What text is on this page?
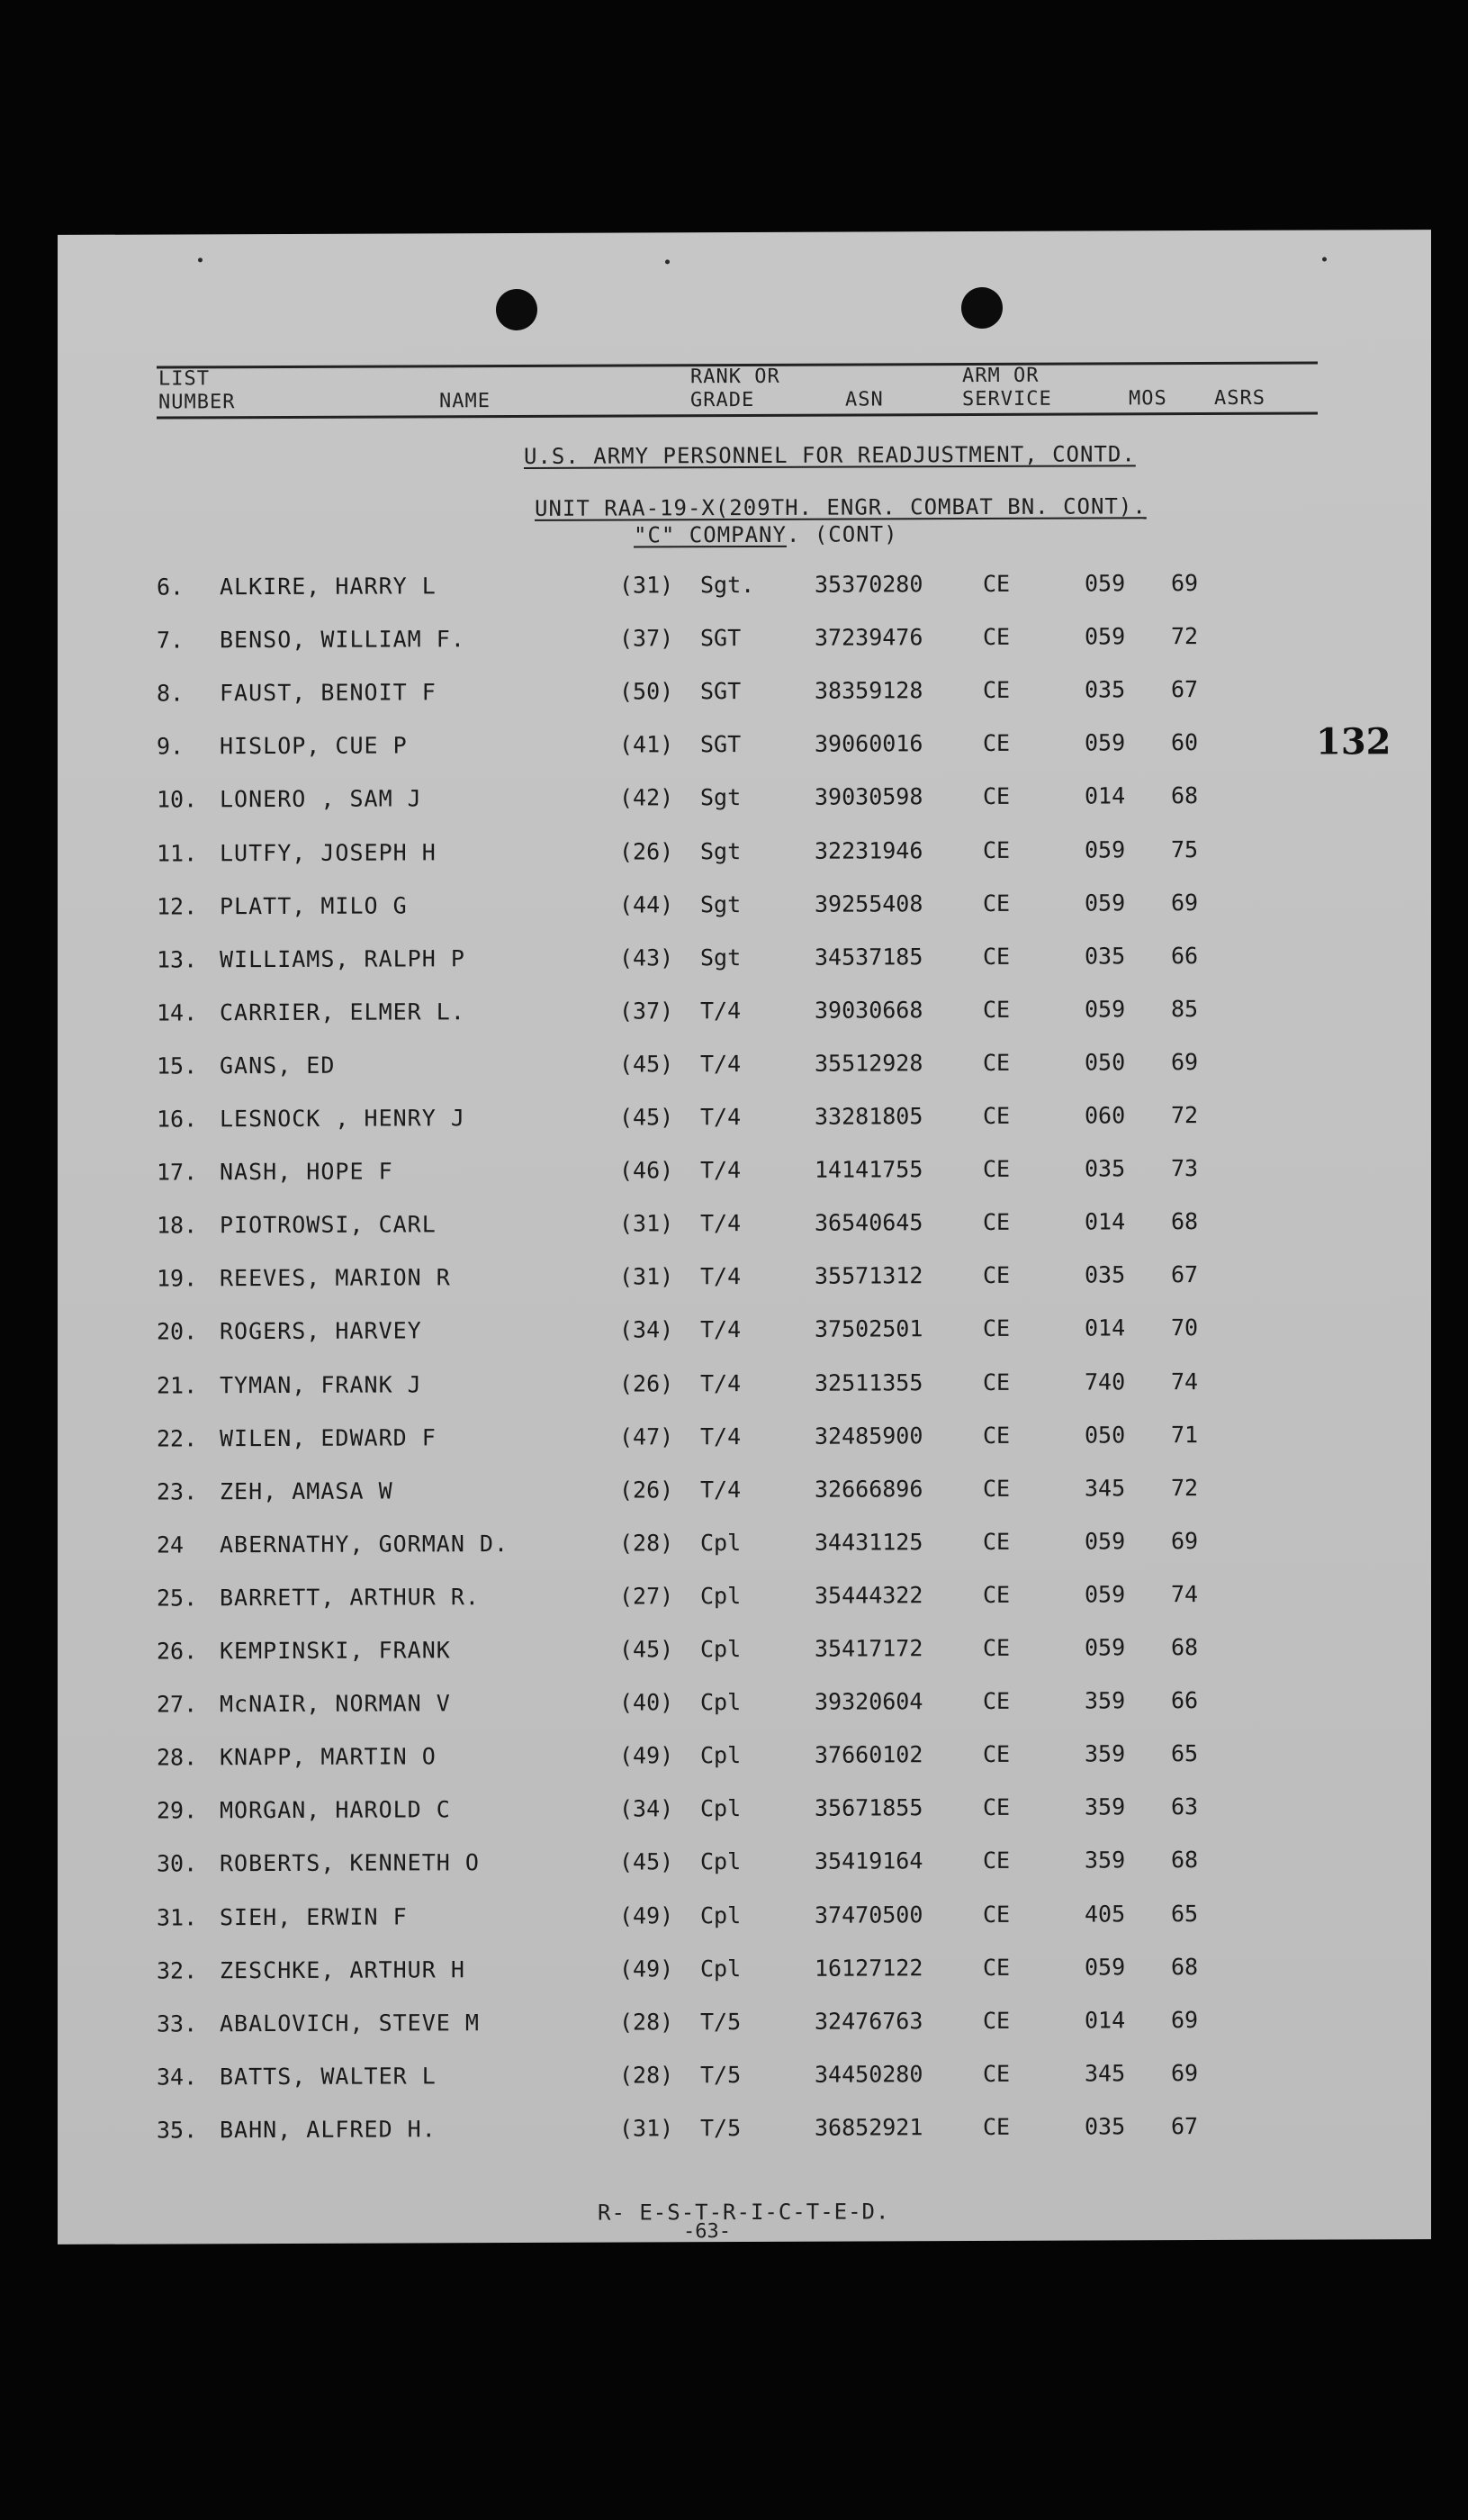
LIST
NUMBER	NAME
RANK OR
GRADE	ASN
ARM OR
SERVICE	MOS ASRS
U.S. ARMY PERSONNEL FOR READJUSTMENT, CONTD.
UNIT RAA-19-X(209TH. ENGR. COMBAT BN. CONT).
"C" COMPANY. (CONT)
132
6. ALKIRE, HARRY L	(31) Sgt.	35370280	CE	059 69
7. BENSO, WILLIAM F.	(37) SGT	37239476	CE	059 72
8. FAUST, BENOIT F	(50) SGT	38359128	CE	035 67
9. HISLOP, CUE P	(41) SGT	39060016	CE	059 60
10. LONERO , SAM J	(42) Sgt	39030598	CE	014 68
11. LUTFY, JOSEPH H	(26) Sgt	32231946	CE	059 75
12. PLATT, MILO G	(44) Sgt	39255408	CE	059 69
13. WILLIAMS, RALPH P	(43) Sgt	34537185	CE	035 66
14. CARRIER, ELMER L.	(37) T/4	39030668	CE	059 85
15. GANS, ED	(45) T/4	35512928	CE	050 69
16. LESNOCK , HENRY J	(45) T/4	33281805	CE	060 72
17. NASH, HOPE F	(46) T/4	14141755	CE	035 73
18. PIOTROWSI, CARL	(31) T/4	36540645	CE	014 68
19. REEVES, MARION R	(31) T/4	35571312	CE	035 67
20. ROGERS, HARVEY	(34) T/4	37502501	CE	014 70
21. TYMAN, FRANK J	(26) T/4	32511355	CE	740 74
22. WILEN, EDWARD F	(47) T/4	32485900	CE	050 71
23. ZEH, AMASA W	(26) T/4	32666896	CE	345 72
24 ABERNATHY, GORMAN D.	(28) Cpl	34431125	CE	059 69
25. BARRETT, ARTHUR R.	(27) Cpl	35444322	CE	059 74
26. KEMPINSKI, FRANK	(45) Cpl	35417172	CE	059 68
27. McNAIR, NORMAN V	(40) Cpl	39320604	CE	359 66
28. KNAPP, MARTIN O	(49) Cpl	37660102	CE	359 65
29. MORGAN, HAROLD C	(34) Cpl	35671855	CE	359 63
30. ROBERTS, KENNETH O	(45) Cpl	35419164	CE	359 68
31. SIEH, ERWIN F	(49) Cpl	37470500	CE	405 65
32. ZESCHKE, ARTHUR H	(49) Cpl	16127122	CE	059 68
33. ABALOVICH, STEVE M	(28) T/5	32476763	CE	014 69
34. BATTS, WALTER L	(28) T/5	34450280	CE	345 69
35. BAHN, ALFRED H.	(31) T/5	36852921	CE	035 67
R- E-S-T-R-I-C-T-E-D.
-63-
